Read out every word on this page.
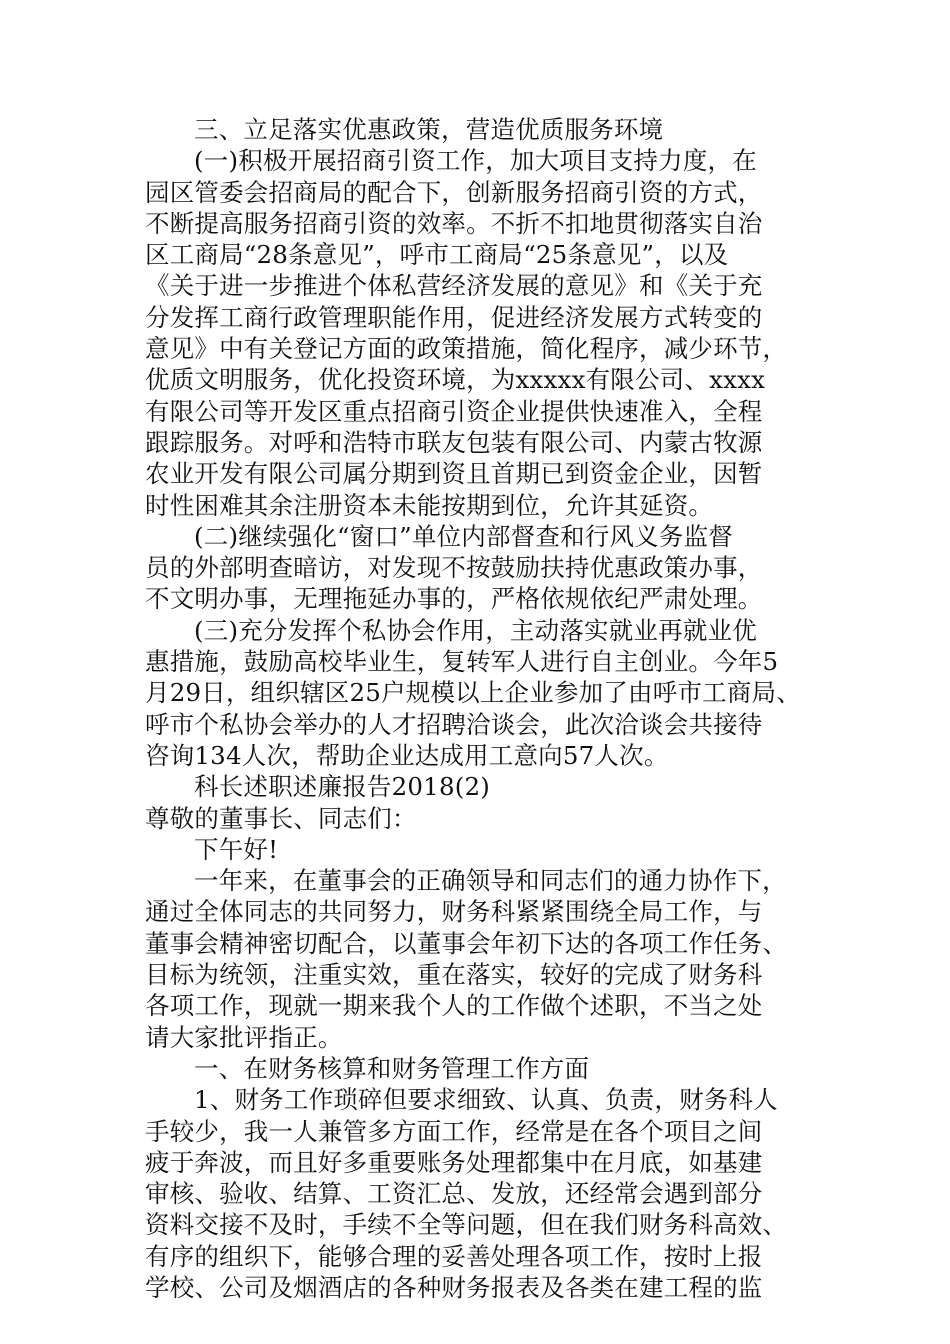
三、立足落实优惠政策，营造优质服务环境
(一)积极开展招商引资工作，加大项目支持力度，在
园区管委会招商局的配合下，创新服务招商引资的方式，
不断提高服务招商引资的效率。不折不扣地贯彻落实自治
区工商局“28条意见”，呼市工商局“25条意见”，以及
《关于进一步推进个体私营经济发展的意见》和《关于充
分发挥工商行政管理职能作用，促进经济发展方式转变的
意见》中有关登记方面的政策措施，简化程序，减少环节，
优质文明服务，优化投资环境，为xxxxx有限公司、xxxx
有限公司等开发区重点招商引资企业提供快速准入，全程
跟踪服务。对呼和浩特市联友包装有限公司、内蒙古牧源
农业开发有限公司属分期到资且首期已到资金企业，因暂
时性困难其余注册资本未能按期到位，允许其延资。
(二)继续强化“窗口”单位内部督查和行风义务监督
员的外部明查暗访，对发现不按鼓励扶持优惠政策办事，
不文明办事，无理拖延办事的，严格依规依纪严肃处理。
(三)充分发挥个私协会作用，主动落实就业再就业优
惠措施，鼓励高校毕业生，复转军人进行自主创业。今年5
月29日，组织辖区25户规模以上企业参加了由呼市工商局、
呼市个私协会举办的人才招聘洽谈会，此次洽谈会共接待
咨询134人次，帮助企业达成用工意向57人次。
科长述职述廉报告2018(2)
尊敬的董事长、同志们：
下午好!
一年来，在董事会的正确领导和同志们的通力协作下，
通过全体同志的共同努力，财务科紧紧围绕全局工作，与
董事会精神密切配合，以董事会年初下达的各项工作任务、
目标为统领，注重实效，重在落实，较好的完成了财务科
各项工作，现就一期来我个人的工作做个述职，不当之处
请大家批评指正。
一、在财务核算和财务管理工作方面
1、财务工作琐碎但要求细致、认真、负责，财务科人
手较少，我一人兼管多方面工作，经常是在各个项目之间
疲于奔波，而且好多重要账务处理都集中在月底，如基建
审核、验收、结算、工资汇总、发放，还经常会遇到部分
资料交接不及时，手续不全等问题，但在我们财务科高效、
有序的组织下，能够合理的妥善处理各项工作，按时上报
学校、公司及烟酒店的各种财务报表及各类在建工程的监
